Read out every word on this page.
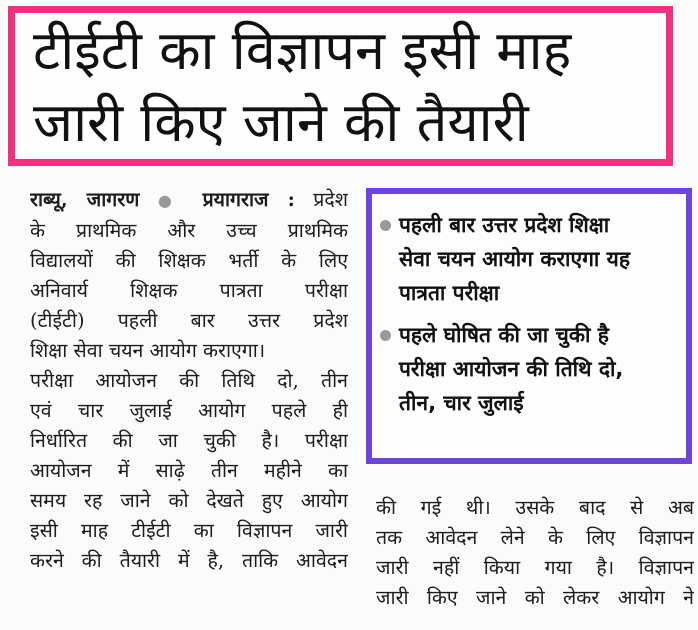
टीईटी का विज्ञापन इसी माह
जारी किए जाने की तैयारी
राब्यू, जागरण ● प्रयागराज : प्रदेश
के प्राथमिक और उच्च प्राथमिक
विद्यालयों की शिक्षक भर्ती के लिए
अनिवार्य शिक्षक पात्रता परीक्षा
(टीईटी) पहली बार उत्तर प्रदेश
शिक्षा सेवा चयन आयोग कराएगा।
परीक्षा आयोजन की तिथि दो, तीन
एवं चार जुलाई आयोग पहले ही
निर्धारित की जा चुकी है। परीक्षा
आयोजन में साढ़े तीन महीने का
समय रह जाने को देखते हुए आयोग
इसी माह टीईटी का विज्ञापन जारी
करने की तैयारी में है, ताकि आवेदन
पहली बार उत्तर प्रदेश शिक्षा
सेवा चयन आयोग कराएगा यह
पात्रता परीक्षा
पहले घोषित की जा चुकी है
परीक्षा आयोजन की तिथि दो,
तीन, चार जुलाई
की गई थी। उसके बाद से अब
तक आवेदन लेने के लिए विज्ञापन
जारी नहीं किया गया है। विज्ञापन
जारी किए जाने को लेकर आयोग ने
